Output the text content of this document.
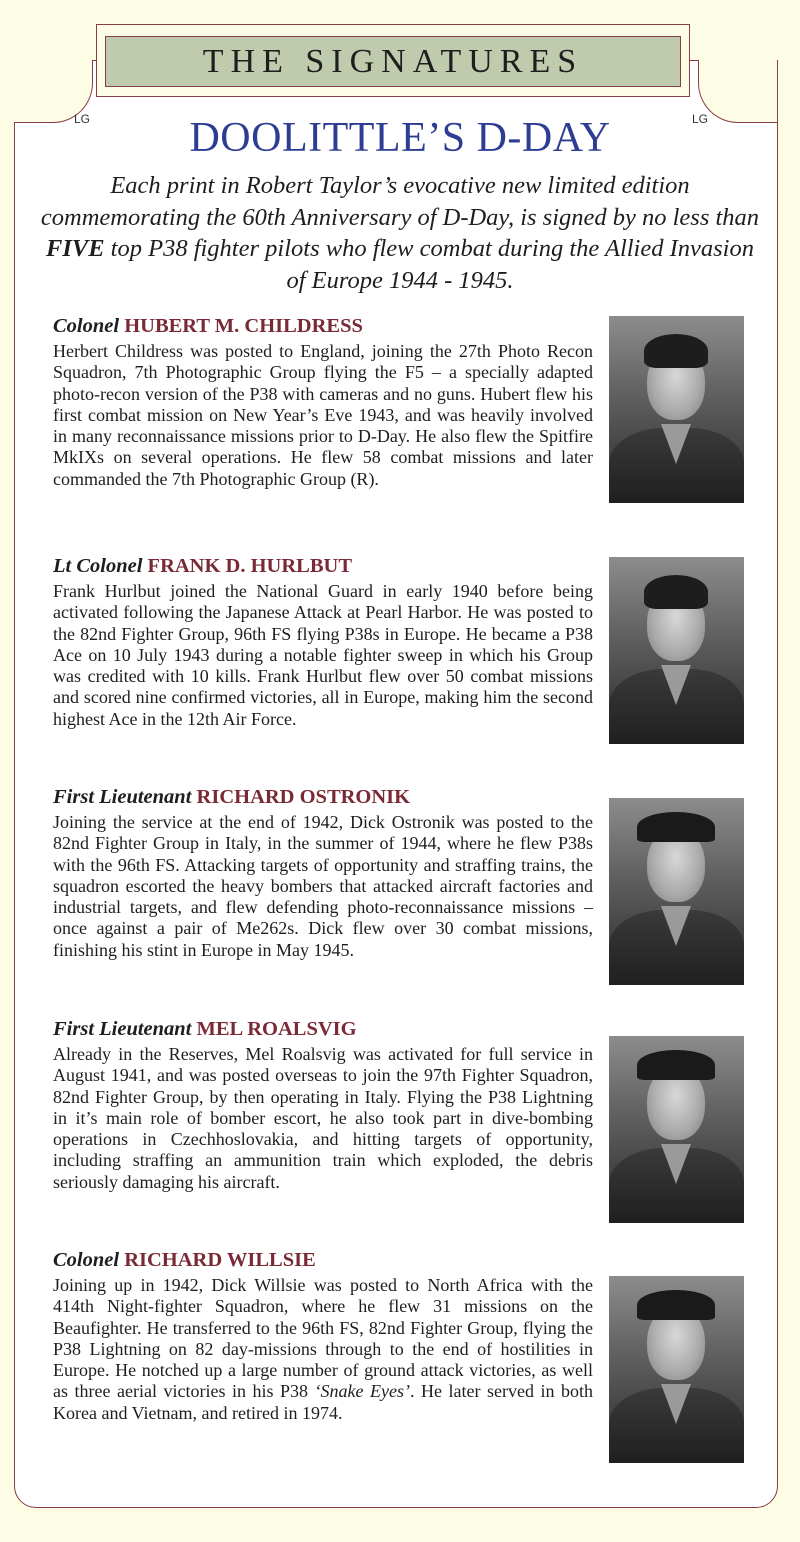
THE SIGNATURES
LG	LG
DOOLITTLE’S D-DAY
Each print in Robert Taylor’s evocative new limited edition commemorating the 60th Anniversary of D-Day, is signed by no less than FIVE top P38 fighter pilots who flew combat during the Allied Invasion of Europe 1944 - 1945.
Colonel HUBERT M. CHILDRESS
Herbert Childress was posted to England, joining the 27th Photo Recon Squadron, 7th Photographic Group flying the F5 – a specially adapted photo-recon version of the P38 with cameras and no guns. Hubert flew his first combat mission on New Year’s Eve 1943, and was heavily involved in many reconnaissance missions prior to D-Day. He also flew the Spitfire MkIXs on several operations. He flew 58 combat missions and later commanded the 7th Photographic Group (R).
Lt Colonel FRANK D. HURLBUT
Frank Hurlbut joined the National Guard in early 1940 before being activated following the Japanese Attack at Pearl Harbor. He was posted to the 82nd Fighter Group, 96th FS flying P38s in Europe. He became a P38 Ace on 10 July 1943 during a notable fighter sweep in which his Group was credited with 10 kills. Frank Hurlbut flew over 50 combat missions and scored nine confirmed victories, all in Europe, making him the second highest Ace in the 12th Air Force.
First Lieutenant RICHARD OSTRONIK
Joining the service at the end of 1942, Dick Ostronik was posted to the 82nd Fighter Group in Italy, in the summer of 1944, where he flew P38s with the 96th FS. Attacking targets of opportunity and straffing trains, the squadron escorted the heavy bombers that attacked aircraft factories and industrial targets, and flew defending photo-reconnaissance missions – once against a pair of Me262s. Dick flew over 30 combat missions, finishing his stint in Europe in May 1945.
First Lieutenant MEL ROALSVIG
Already in the Reserves, Mel Roalsvig was activated for full service in August 1941, and was posted overseas to join the 97th Fighter Squadron, 82nd Fighter Group, by then operating in Italy. Flying the P38 Lightning in it’s main role of bomber escort, he also took part in dive-bombing operations in Czechhoslovakia, and hitting targets of opportunity, including straffing an ammunition train which exploded, the debris seriously damaging his aircraft.
Colonel RICHARD WILLSIE
Joining up in 1942, Dick Willsie was posted to North Africa with the 414th Night-fighter Squadron, where he flew 31 missions on the Beaufighter. He transferred to the 96th FS, 82nd Fighter Group, flying the P38 Lightning on 82 day-missions through to the end of hostilities in Europe. He notched up a large number of ground attack victories, as well as three aerial victories in his P38 ‘Snake Eyes’. He later served in both Korea and Vietnam, and retired in 1974.
